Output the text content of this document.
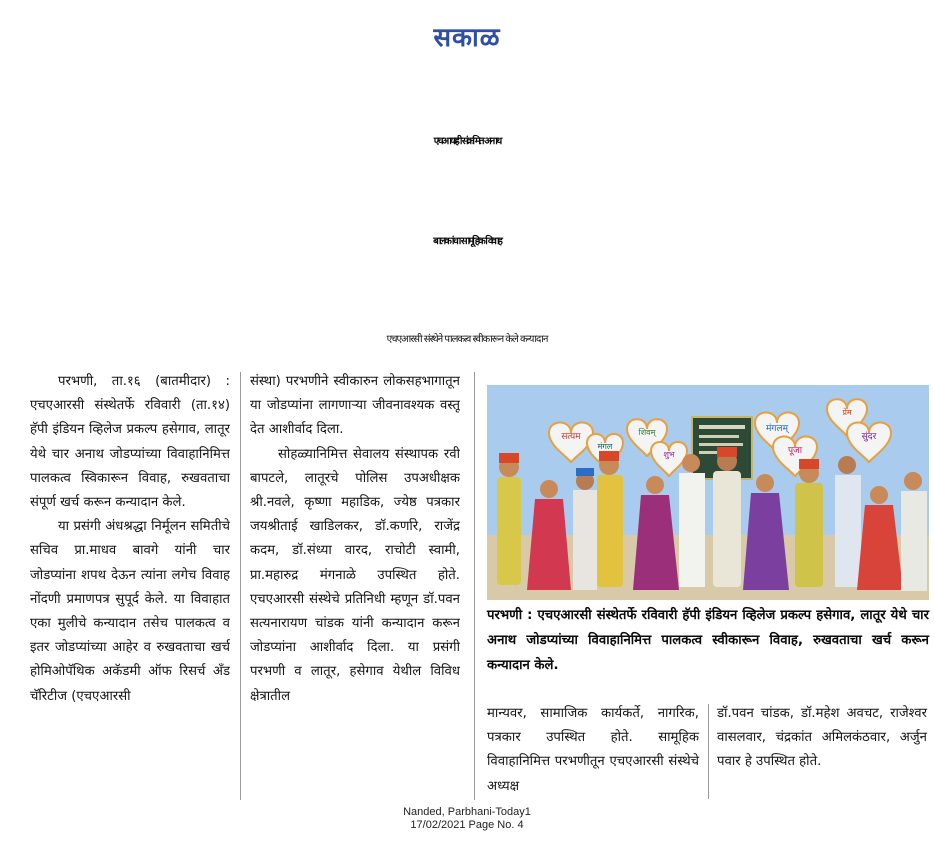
सकाळ
एचआयव्ही संक्रमित अनाथ
बालकांचा सामूहिक विवाह
एचएआरसी संस्थेने पालकत्व स्वीकारून केले कन्यादान

परभणी, ता.१६ (बातमीदार) : एचएआरसी संस्थेतर्फे रविवारी (ता.१४) हॅपी इंडियन व्हिलेज प्रकल्प हसेगाव, लातूर येथे चार अनाथ जोडप्यांच्या विवाहानिमित्त पालकत्व स्विकारून विवाह, रुखवताचा संपूर्ण खर्च करून कन्यादान केले.

या प्रसंगी अंधश्रद्धा निर्मूलन समितीचे सचिव प्रा.माधव बावगे यांनी चार जोडप्यांना शपथ देऊन त्यांना लगेच विवाह नोंदणी प्रमाणपत्र सुपूर्द केले. या विवाहात एका मुलीचे कन्यादान तसेच पालकत्व व इतर जोडप्यांच्या आहेर व रुखवताचा खर्च होमिओपॅथिक अकॅडमी ऑफ रिसर्च अँड चॅरिटीज (एचएआरसी

संस्था) परभणीने स्वीकारुन लोकसहभागातून या जोडप्यांना लागणाऱ्या जीवनावश्यक वस्तू देत आशीर्वाद दिला.

सोहळ्यानिमित्त सेवालय संस्थापक रवी बापटले, लातूरचे पोलिस उपअधीक्षक श्री.नवले, कृष्णा महाडिक, ज्येष्ठ पत्रकार जयश्रीताई खाडिलकर, डॉ.कर्णारे, राजेंद्र कदम, डॉ.संध्या वारद, राचोटी स्वामी, प्रा.महारुद्र मंगनाळे उपस्थित होते. एचएआरसी संस्थेचे प्रतिनिधी म्हणून डॉ.पवन सत्यनारायण चांडक यांनी कन्यादान करून जोडप्यांना आशीर्वाद दिला. या प्रसंगी परभणी व लातूर, हसेगाव येथील विविध क्षेत्रातील

सत्यम	शिवम्
शुभ
मंगलम्
पूजा
प्रेम
सुंदर
मंगल
परभणी : एचएआरसी संस्थेतर्फे रविवारी हॅपी इंडियन व्हिलेज प्रकल्प हसेगाव, लातूर येथे चार अनाथ जोडप्यांच्या विवाहानिमित्त पालकत्व स्वीकारून विवाह, रुखवताचा खर्च करून कन्यादान केले.
मान्यवर, सामाजिक कार्यकर्ते, नागरिक, पत्रकार उपस्थित होते. सामूहिक विवाहानिमित्त परभणीतून एचएआरसी संस्थेचे अध्यक्ष
डॉ.पवन चांडक, डॉ.महेश अवचट, राजेश्वर वासलवार, चंद्रकांत अमिलकंठवार, अर्जुन पवार हे उपस्थित होते.
Nanded, Parbhani-Today1
17/02/2021 Page No. 4
